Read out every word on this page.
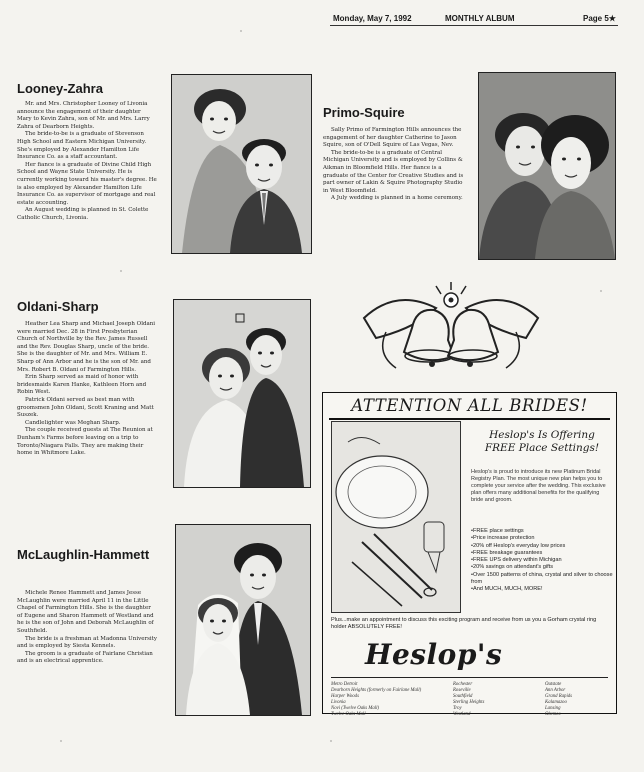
Monday, May 7, 1992	MONTHLY ALBUM	Page 5★
Looney-Zahra

Mr. and Mrs. Christopher Looney of Livonia announce the engagement of their daughter Mary to Kevin Zahra, son of Mr. and Mrs. Larry Zahra of Dearborn Heights.

The bride-to-be is a graduate of Stevenson High School and Eastern Michigan University. She's employed by Alexander Hamilton Life Insurance Co. as a staff accountant.

Her fiance is a graduate of Divine Child High School and Wayne State University. He is currently working toward his master's degree. He is also employed by Alexander Hamilton Life Insurance Co. as supervisor of mortgage and real estate accounting.

An August wedding is planned in St. Colette Catholic Church, Livonia.

Primo-Squire

Sally Primo of Farmington Hills announces the engagement of her daughter Catherine to Jason Squire, son of O'Dell Squire of Las Vegas, Nev.

The bride-to-be is a graduate of Central Michigan University and is employed by Collins & Aikman in Bloomfield Hills. Her fiance is a graduate of the Center for Creative Studies and is part owner of Lakin & Squire Photography Studio in West Bloomfield.

A July wedding is planned in a home ceremony.

Oldani-Sharp

Heather Lea Sharp and Michael Joseph Oldani were married Dec. 28 in First Presbyterian Church of Northville by the Rev. James Russell and the Rev. Douglas Sharp, uncle of the bride. She is the daughter of Mr. and Mrs. William E. Sharp of Ann Arbor and he is the son of Mr. and Mrs. Robert B. Oldani of Farmington Hills.

Erin Sharp served as maid of honor with bridesmaids Karen Hanke, Kathleen Horn and Robin West.

Patrick Oldani served as best man with groomsmen John Oldani, Scott Kraning and Matt Suszek.

Candlelighter was Meghan Sharp.

The couple received guests at The Reunion at Dunham's Farms before leaving on a trip to Toronto/Niagara Falls. They are making their home in Whitmore Lake.

McLaughlin-Hammett

Michele Renee Hammett and James Jesse McLaughlin were married April 11 in the Little Chapel of Farmington Hills. She is the daughter of Eugene and Sharon Hammett of Westland and he is the son of John and Deborah McLaughlin of Southfield.

The bride is a freshman at Madonna University and is employed by Siesta Kennels.

The groom is a graduate of Fairlane Christian and is an electrical apprentice.

ATTENTION ALL BRIDES!
Heslop's Is Offering FREE Place Settings!
Heslop's is proud to introduce its new Platinum Bridal Registry Plan. The most unique new plan helps you to complete your service after the wedding. This exclusive plan offers many additional benefits for the qualifying bride and groom.
• FREE place settings
• Price increase protection
• 20% off Heslop's everyday low prices
• FREE breakage guarantees
• FREE UPS delivery within Michigan
• 20% savings on attendant's gifts
• Over 1500 patterns of china, crystal and silver to choose from
• And MUCH, MUCH, MORE!
Plus...make an appointment to discuss this exciting program and receive from us you a Gorham crystal ring holder ABSOLUTELY FREE!
Heslop's
Metro Detroit
Dearborn Heights (formerly on Fairlane Mall)
Harper Woods
Livonia
Novi (Twelve Oaks Mall)
Twelve Oaks Mall
Rochester
Roseville
Southfield
Sterling Heights
Troy
Westland
Outstate
Ann Arbor
Grand Rapids
Kalamazoo
Lansing
Okemos
